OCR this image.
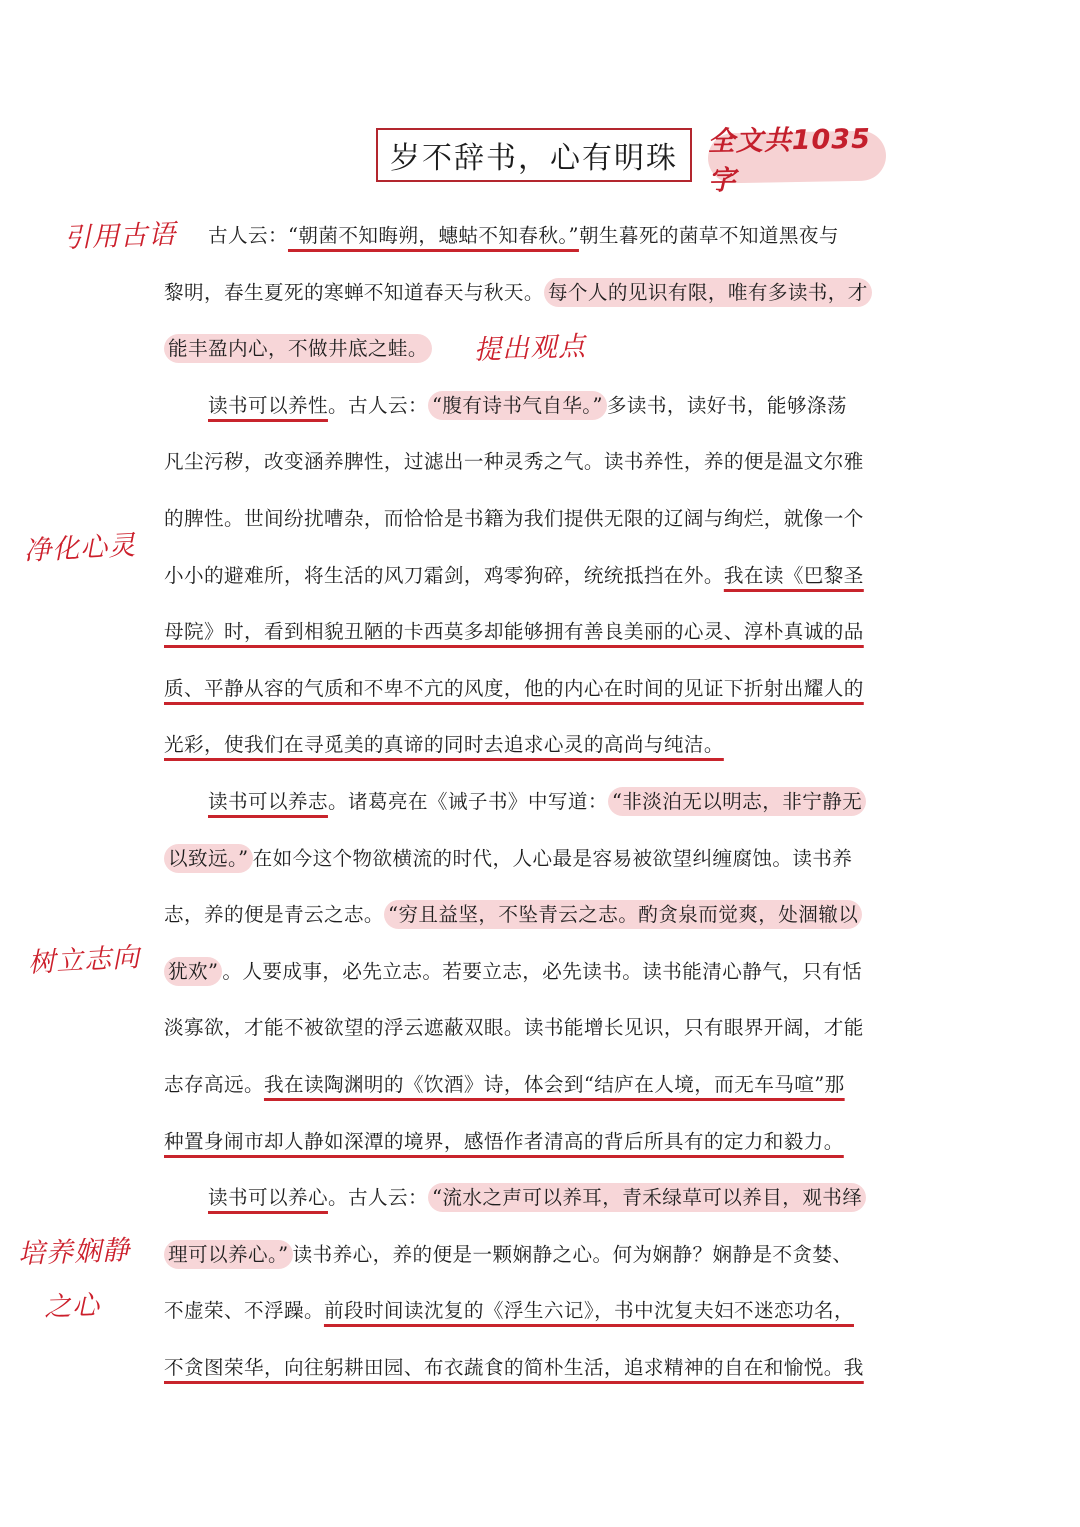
岁不辞书，心有明珠
全文共1035字
引用古语
提出观点
净化心灵
树立志向
培养娴静
之心
古人云：“朝菌不知晦朔，蟪蛄不知春秋。”朝生暮死的菌草不知道黑夜与
黎明，春生夏死的寒蝉不知道春天与秋天。 每个人的见识有限，唯有多读书，才
能丰盈内心，不做井底之蛙。
读书可以养性。古人云： “腹有诗书气自华。” 多读书，读好书，能够涤荡
凡尘污秽，改变涵养脾性，过滤出一种灵秀之气。读书养性，养的便是温文尔雅
的脾性。世间纷扰嘈杂，而恰恰是书籍为我们提供无限的辽阔与绚烂，就像一个
小小的避难所，将生活的风刀霜剑，鸡零狗碎，统统抵挡在外。我在读《巴黎圣
母院》时，看到相貌丑陋的卡西莫多却能够拥有善良美丽的心灵、淳朴真诚的品
质、平静从容的气质和不卑不亢的风度，他的内心在时间的见证下折射出耀人的
光彩，使我们在寻觅美的真谛的同时去追求心灵的高尚与纯洁。
读书可以养志。诸葛亮在《诫子书》中写道： “非淡泊无以明志，非宁静无
以致远。” 在如今这个物欲横流的时代，人心最是容易被欲望纠缠腐蚀。读书养
志，养的便是青云之志。 “穷且益坚，不坠青云之志。酌贪泉而觉爽，处涸辙以
犹欢” 。人要成事，必先立志。若要立志，必先读书。读书能清心静气，只有恬
淡寡欲，才能不被欲望的浮云遮蔽双眼。读书能增长见识，只有眼界开阔，才能
志存高远。我在读陶渊明的《饮酒》诗，体会到“结庐在人境，而无车马喧”那
种置身闹市却人静如深潭的境界，感悟作者清高的背后所具有的定力和毅力。
读书可以养心。古人云： “流水之声可以养耳，青禾绿草可以养目，观书绎
理可以养心。” 读书养心，养的便是一颗娴静之心。何为娴静？娴静是不贪婪、
不虚荣、不浮躁。前段时间读沈复的《浮生六记》，书中沈复夫妇不迷恋功名，
不贪图荣华，向往躬耕田园、布衣蔬食的简朴生活，追求精神的自在和愉悦。我
